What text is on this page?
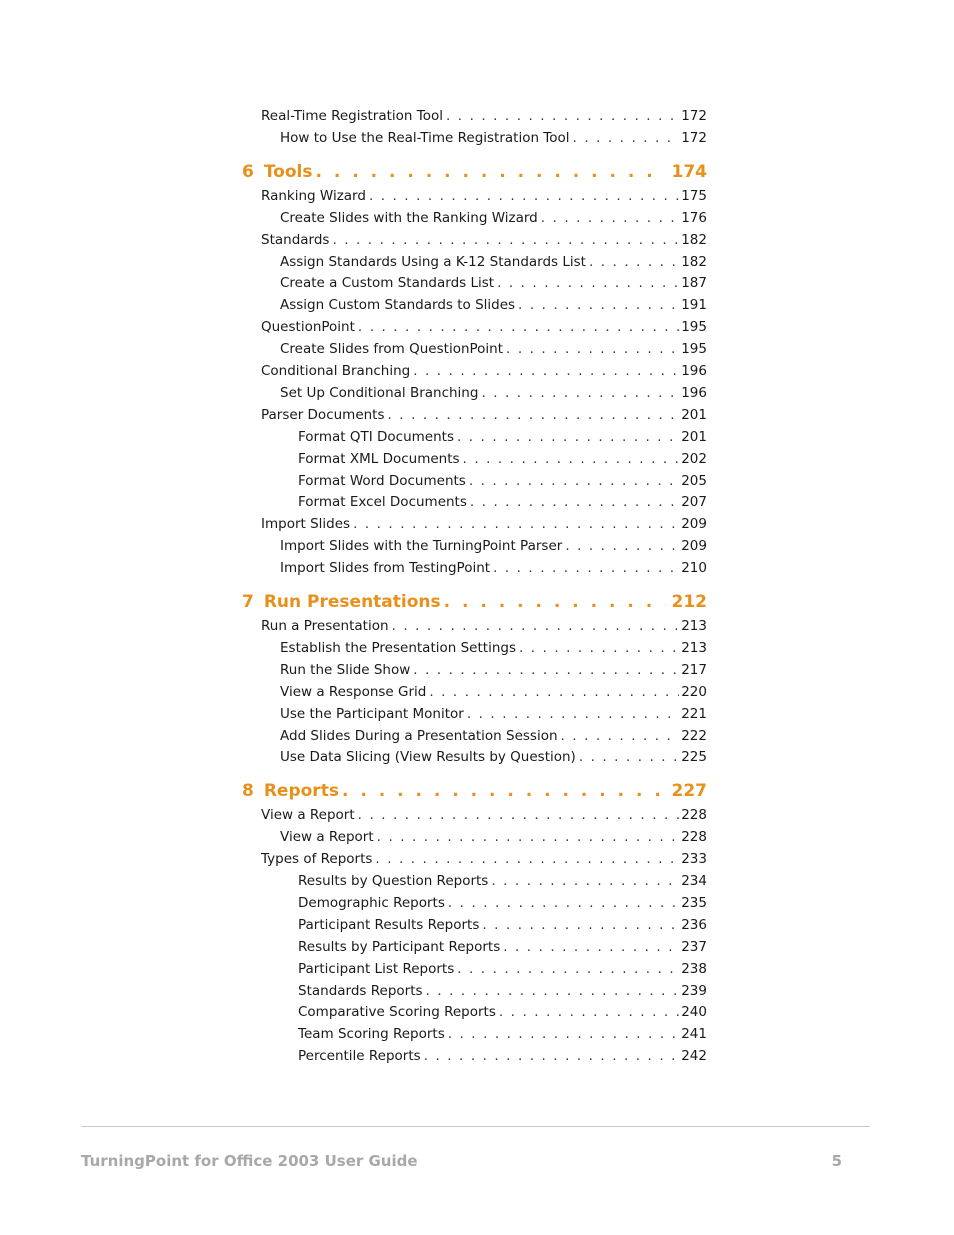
Real-Time Registration Tool . . .	172
How to Use the Real-Time Registration Tool . . .	172
6 Tools . . .	174
Ranking Wizard . . .	175
Create Slides with the Ranking Wizard . . .	176
Standards . . .	182
Assign Standards Using a K-12 Standards List . . .	182
Create a Custom Standards List . . .	187
Assign Custom Standards to Slides . . .	191
QuestionPoint . . .	195
Create Slides from QuestionPoint . . .	195
Conditional Branching . . .	196
Set Up Conditional Branching . . .	196
Parser Documents . . .	201
Format QTI Documents . . .	201
Format XML Documents . . .	202
Format Word Documents . . .	205
Format Excel Documents . . .	207
Import Slides . . .	209
Import Slides with the TurningPoint Parser . . .	209
Import Slides from TestingPoint . . .	210
7 Run Presentations . . .	212
Run a Presentation . . .	213
Establish the Presentation Settings . . .	213
Run the Slide Show . . .	217
View a Response Grid . . .	220
Use the Participant Monitor . . .	221
Add Slides During a Presentation Session . . .	222
Use Data Slicing (View Results by Question) . . .	225
8 Reports . . .	227
View a Report . . .	228
View a Report . . .	228
Types of Reports . . .	233
Results by Question Reports . . .	234
Demographic Reports . . .	235
Participant Results Reports . . .	236
Results by Participant Reports . . .	237
Participant List Reports . . .	238
Standards Reports . . .	239
Comparative Scoring Reports . . .	240
Team Scoring Reports . . .	241
Percentile Reports . . .	242
TurningPoint for Office 2003 User Guide	5
